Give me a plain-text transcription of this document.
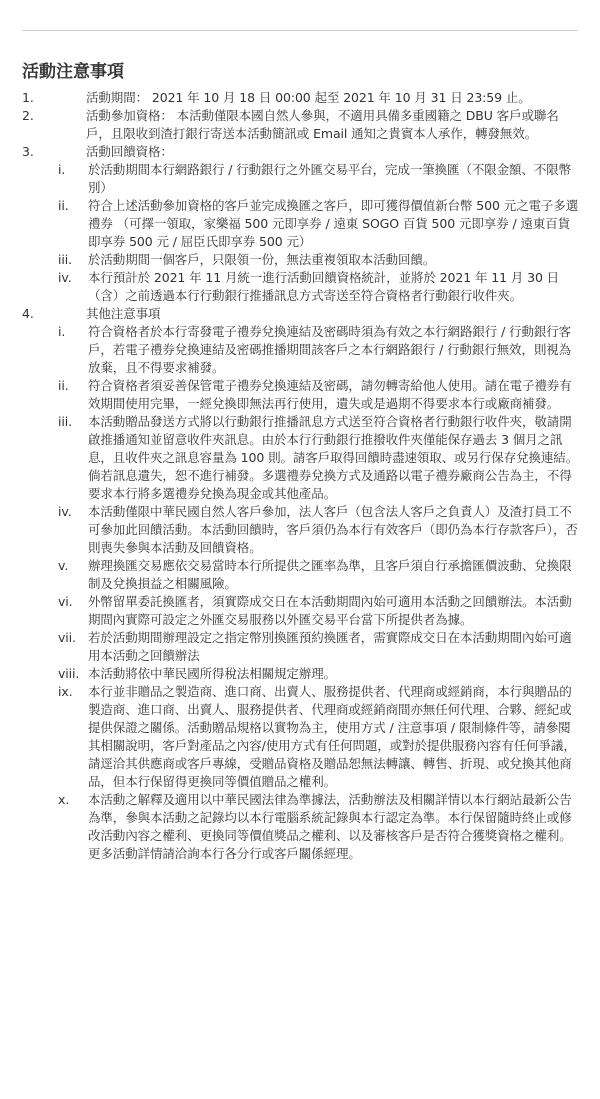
活動注意事項
1.	活動期間： 2021 年 10 月 18 日 00:00 起至 2021 年 10 月 31 日 23:59 止。
2.	活動參加資格： 本活動僅限本國自然人參與，不適用具備多重國籍之 DBU 客戶或聯名戶，且限收到渣打銀行寄送本活動簡訊或 Email 通知之貴賓本人承作，轉發無效。
3.	活動回饋資格：
i. 於活動期間本行網路銀行 / 行動銀行之外匯交易平台，完成一筆換匯（不限金額、不限幣別）
ii. 符合上述活動參加資格的客戶並完成換匯之客戶，即可獲得價值新台幣 500 元之電子多選禮券 （可擇一領取，家樂福 500 元即享券 / 遠東 SOGO 百貨 500 元即享券 / 遠東百貨即享券 500 元 / 屈臣氏即享券 500 元）
iii. 於活動期間一個客戶，只限領一份，無法重複領取本活動回饋。
iv. 本行預計於 2021 年 11 月統一進行活動回饋資格統計，並將於 2021 年 11 月 30 日 （含）之前透過本行行動銀行推播訊息方式寄送至符合資格者行動銀行收件夾。
4.	其他注意事項
i. 符合資格者於本行寄發電子禮券兌換連結及密碼時須為有效之本行網路銀行 / 行動銀行客戶，若電子禮券兌換連結及密碼推播期間該客戶之本行網路銀行 / 行動銀行無效，則視為放棄，且不得要求補發。
ii. 符合資格者須妥善保管電子禮券兌換連結及密碼，請勿轉寄給他人使用。請在電子禮券有效期間使用完畢，一經兌換即無法再行使用，遺失或是過期不得要求本行或廠商補發。
iii. 本活動贈品發送方式將以行動銀行推播訊息方式送至符合資格者行動銀行收件夾，敬請開啟推播通知並留意收件夾訊息。由於本行行動銀行推撥收件夾僅能保存過去 3 個月之訊息，且收件夾之訊息容量為 100 則。請客戶取得回饋時盡速領取、或另行保存兌換連結。倘若訊息遺失，恕不進行補發。多選禮券兌換方式及通路以電子禮券廠商公告為主，不得要求本行將多選禮券兌換為現金或其他產品。
iv. 本活動僅限中華民國自然人客戶參加，法人客戶（包含法人客戶之負責人）及渣打員工不可參加此回饋活動。本活動回饋時，客戶須仍為本行有效客戶（即仍為本行存款客戶），否則喪失參與本活動及回饋資格。
v. 辦理換匯交易應依交易當時本行所提供之匯率為準，且客戶須自行承擔匯價波動、兌換限制及兌換損益之相關風險。
vi. 外幣留單委託換匯者，須實際成交日在本活動期間內始可適用本活動之回饋辦法。本活動期間內實際可設定之外匯交易服務以外匯交易平台當下所提供者為據。
vii. 若於活動期間辦理設定之指定幣別換匯預約換匯者，需實際成交日在本活動期間內始可適用本活動之回饋辦法
viii. 本活動將依中華民國所得稅法相關規定辦理。
ix. 本行並非贈品之製造商、進口商、出賣人、服務提供者、代理商或經銷商，本行與贈品的製造商、進口商、出賣人、服務提供者、代理商或經銷商間亦無任何代理、合夥、經紀或提供保證之關係。活動贈品規格以實物為主，使用方式 / 注意事項 / 限制條件等，請參閱其相關說明，客戶對產品之內容/使用方式有任何問題，或對於提供服務內容有任何爭議，請逕洽其供應商或客戶專線，受贈品資格及贈品恕無法轉讓、轉售、折現、或兌換其他商品，但本行保留得更換同等價值贈品之權利。
x. 本活動之解釋及適用以中華民國法律為準據法，活動辦法及相關詳情以本行網站最新公告為準，參與本活動之記錄均以本行電腦系統記錄與本行認定為準。本行保留隨時終止或修改活動內容之權利、更換同等價值獎品之權利、以及審核客戶是否符合獲獎資格之權利。更多活動詳情請洽詢本行各分行或客戶關係經理。
